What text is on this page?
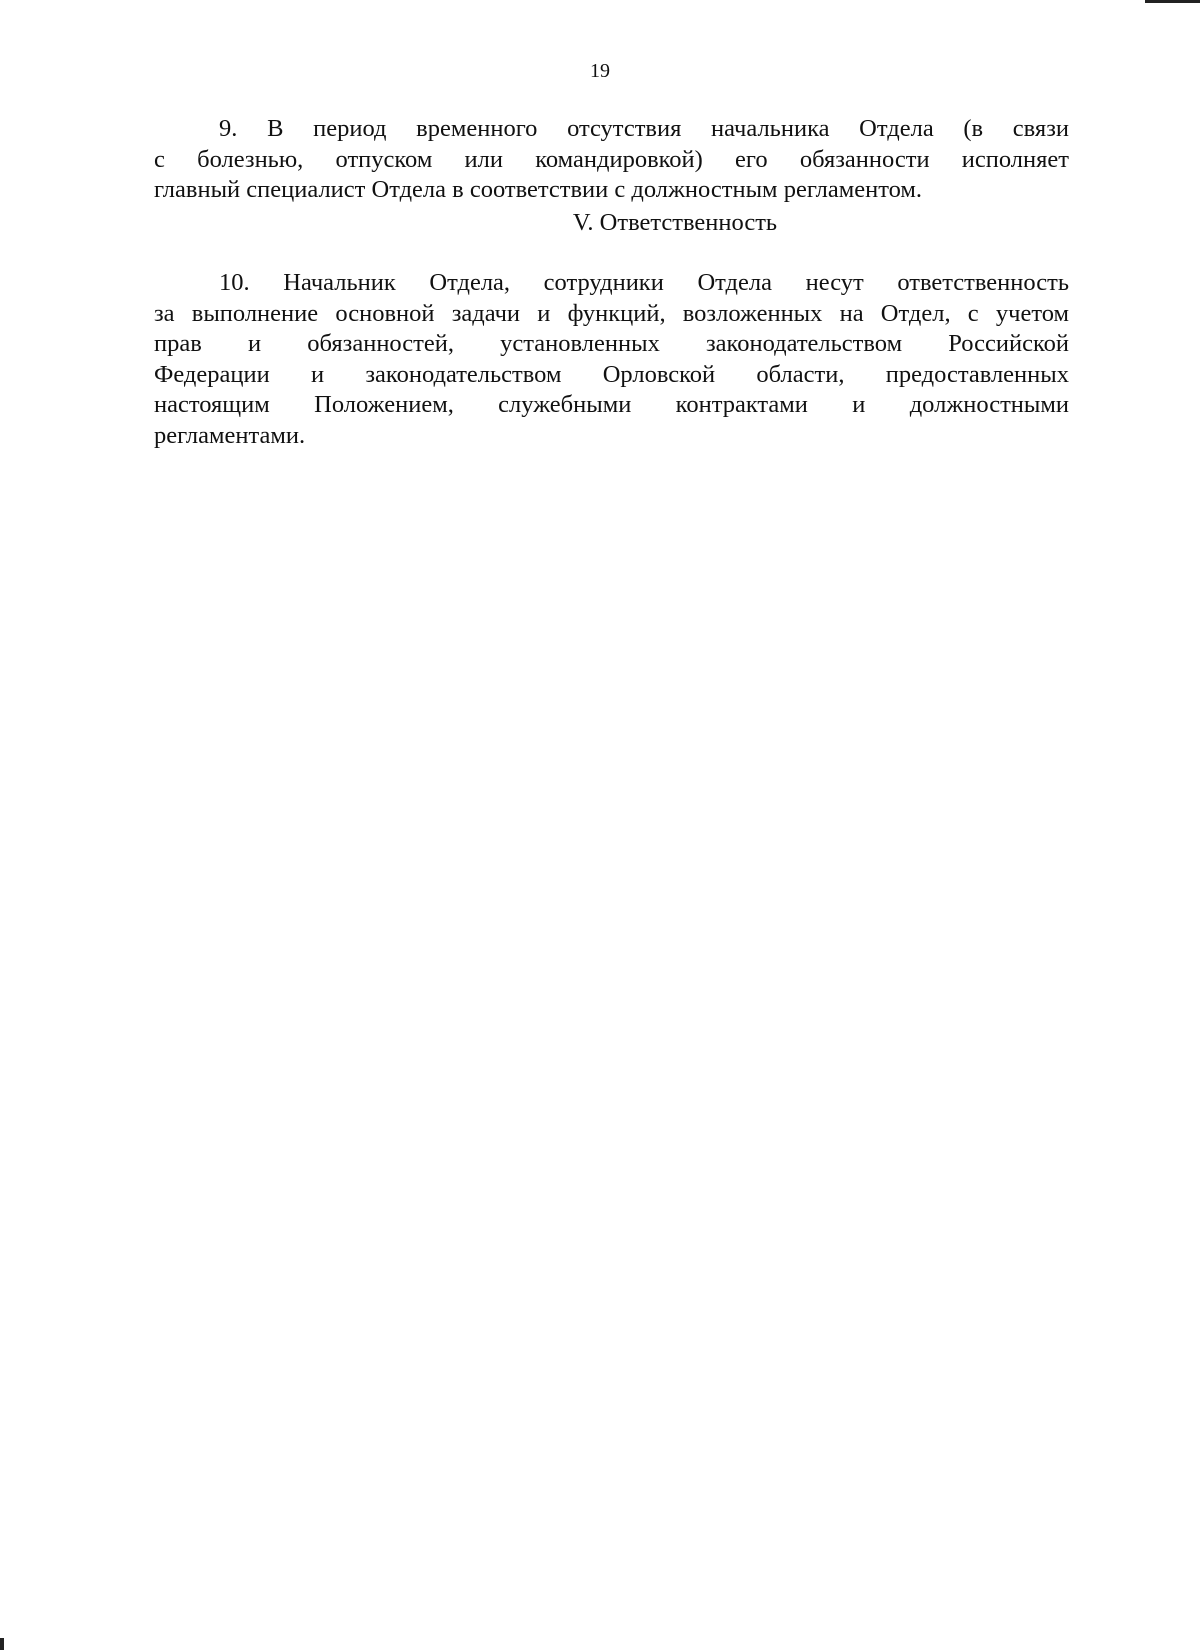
19
9. В период временного отсутствия начальника Отдела (в связи
с болезнью, отпуском или командировкой) его обязанности исполняет
главный специалист Отдела в соответствии с должностным регламентом.
V. Ответственность
10. Начальник Отдела, сотрудники Отдела несут ответственность
за выполнение основной задачи и функций, возложенных на Отдел, с учетом
прав и обязанностей, установленных законодательством Российской
Федерации и законодательством Орловской области, предоставленных
настоящим Положением, служебными контрактами и должностными
регламентами.
